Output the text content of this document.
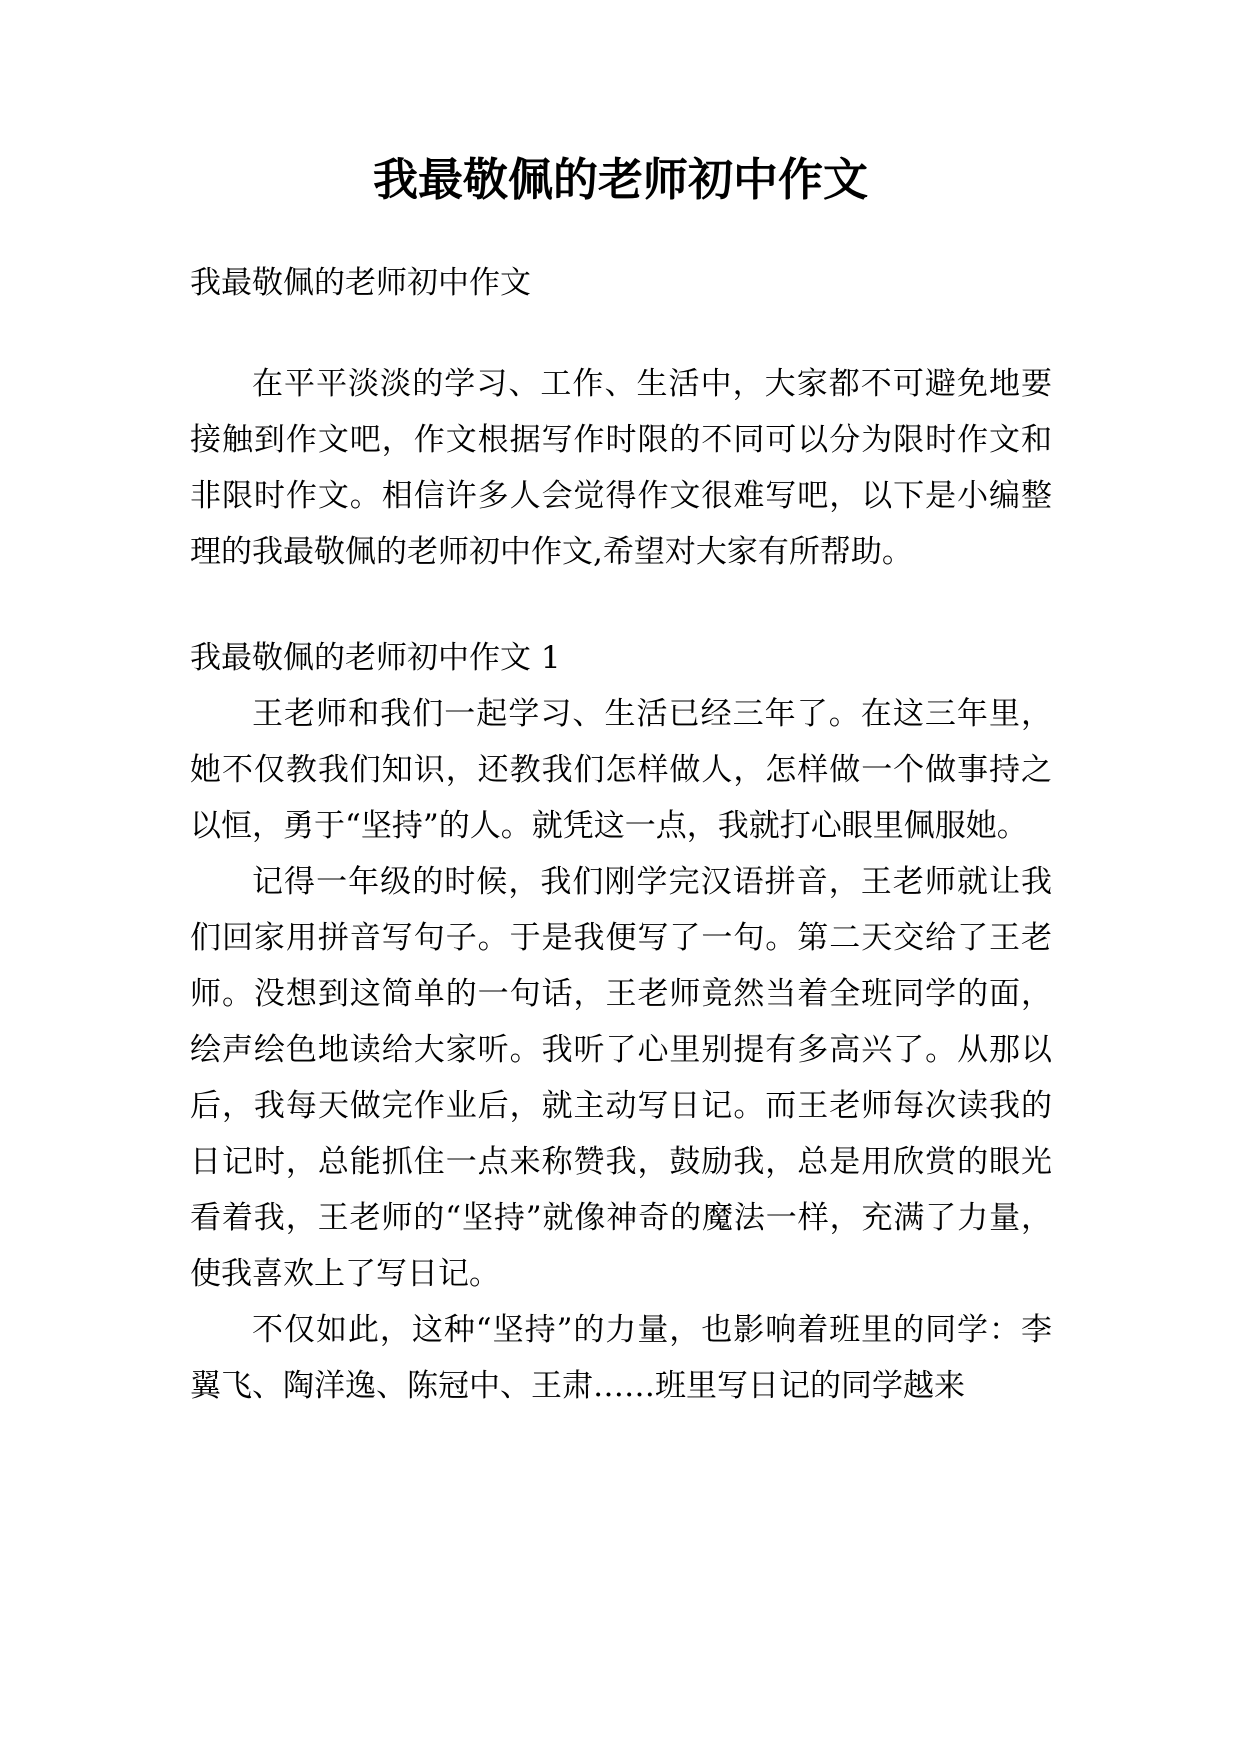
我最敬佩的老师初中作文

我最敬佩的老师初中作文

在平平淡淡的学习、工作、生活中，大家都不可避免地要接触到作文吧，作文根据写作时限的不同可以分为限时作文和非限时作文。相信许多人会觉得作文很难写吧，以下是小编整理的我最敬佩的老师初中作文,希望对大家有所帮助。

我最敬佩的老师初中作文 1

王老师和我们一起学习、生活已经三年了。在这三年里，她不仅教我们知识，还教我们怎样做人，怎样做一个做事持之以恒，勇于“坚持”的人。就凭这一点，我就打心眼里佩服她。

记得一年级的时候，我们刚学完汉语拼音，王老师就让我们回家用拼音写句子。于是我便写了一句。第二天交给了王老师。没想到这简单的一句话，王老师竟然当着全班同学的面，绘声绘色地读给大家听。我听了心里别提有多高兴了。从那以后，我每天做完作业后，就主动写日记。而王老师每次读我的日记时，总能抓住一点来称赞我，鼓励我，总是用欣赏的眼光看着我，王老师的“坚持”就像神奇的魔法一样，充满了力量，使我喜欢上了写日记。

不仅如此，这种“坚持”的力量，也影响着班里的同学：李翼飞、陶洋逸、陈冠中、王肃……班里写日记的同学越来
